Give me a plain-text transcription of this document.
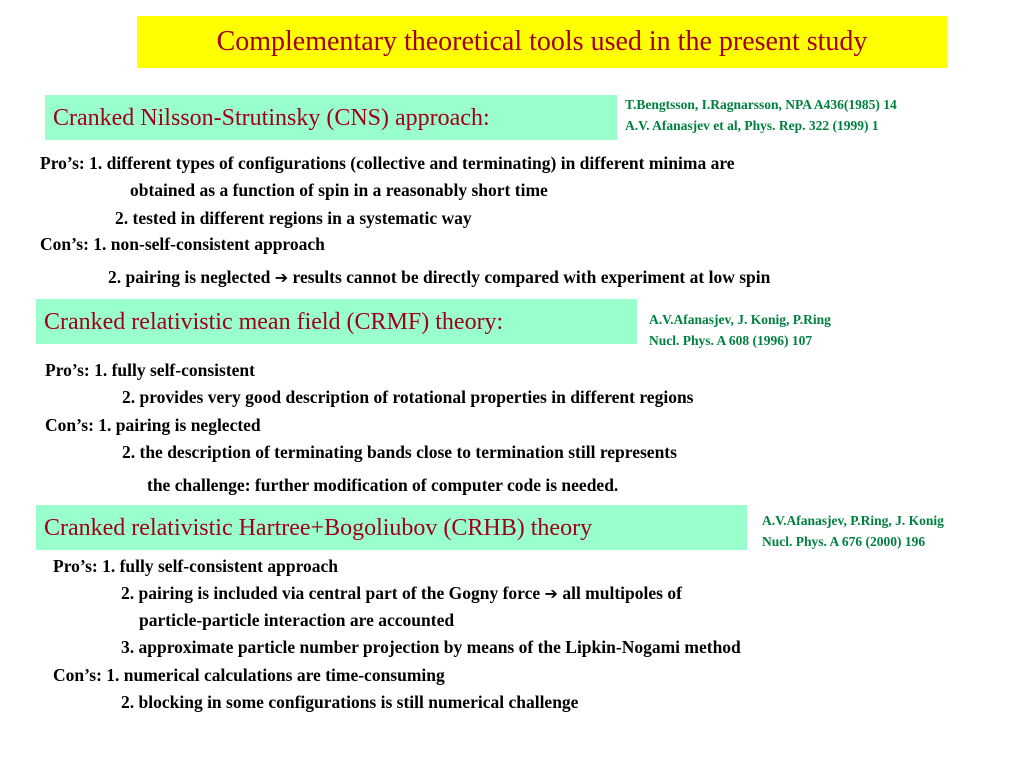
Complementary theoretical tools used in the present study
Cranked Nilsson-Strutinsky (CNS) approach:	T.Bengtsson, I.Ragnarsson, NPA A436(1985) 14
A.V. Afanasjev et al, Phys. Rep. 322 (1999) 1
Pro’s: 1. different types of configurations (collective and terminating) in different minima are
obtained as a function of spin in a reasonably short time
2. tested in different regions in a systematic way
Con’s: 1. non-self-consistent approach
2. pairing is neglected ➔ results cannot be directly compared with experiment at low spin
Cranked relativistic mean field (CRMF) theory:	A.V.Afanasjev, J. Konig, P.Ring
Nucl. Phys. A 608 (1996) 107
Pro’s: 1. fully self-consistent
2. provides very good description of rotational properties in different regions
Con’s: 1. pairing is neglected
2. the description of terminating bands close to termination still represents
the challenge: further modification of computer code is needed.
Cranked relativistic Hartree+Bogoliubov (CRHB) theory	A.V.Afanasjev, P.Ring, J. Konig
Nucl. Phys. A 676 (2000) 196
Pro’s: 1. fully self-consistent approach
2. pairing is included via central part of the Gogny force ➔ all multipoles of
particle-particle interaction are accounted
3. approximate particle number projection by means of the Lipkin-Nogami method
Con’s: 1. numerical calculations are time-consuming
2. blocking in some configurations is still numerical challenge
